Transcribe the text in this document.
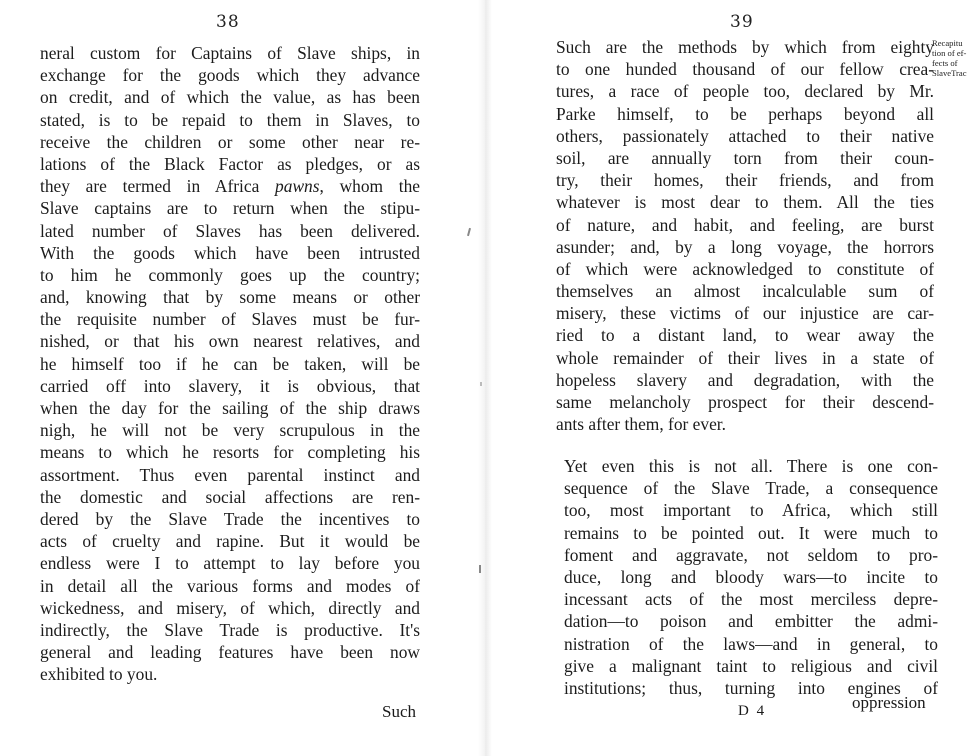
38
neral custom for Captains of Slave ships, in
exchange for the goods which they advance
on credit, and of which the value, as has been
stated, is to be repaid to them in Slaves, to
receive the children or some other near re-
lations of the Black Factor as pledges, or as
they are termed in Africa pawns, whom the
Slave captains are to return when the stipu-
lated number of Slaves has been delivered.
With the goods which have been intrusted
to him he commonly goes up the country;
and, knowing that by some means or other
the requisite number of Slaves must be fur-
nished, or that his own nearest relatives, and
he himself too if he can be taken, will be
carried off into slavery, it is obvious, that
when the day for the sailing of the ship draws
nigh, he will not be very scrupulous in the
means to which he resorts for completing his
assortment. Thus even parental instinct and
the domestic and social affections are ren-
dered by the Slave Trade the incentives to
acts of cruelty and rapine. But it would be
endless were I to attempt to lay before you
in detail all the various forms and modes of
wickedness, and misery, of which, directly and
indirectly, the Slave Trade is productive. It's
general and leading features have been now
exhibited to you.
Such
39
Such are the methods by which from eighty
to one hunded thousand of our fellow crea-
tures, a race of people too, declared by Mr.
Parke himself, to be perhaps beyond all
others, passionately attached to their native
soil, are annually torn from their coun-
try, their homes, their friends, and from
whatever is most dear to them. All the ties
of nature, and habit, and feeling, are burst
asunder; and, by a long voyage, the horrors
of which were acknowledged to constitute of
themselves an almost incalculable sum of
misery, these victims of our injustice are car-
ried to a distant land, to wear away the
whole remainder of their lives in a state of
hopeless slavery and degradation, with the
same melancholy prospect for their descend-
ants after them, for ever.
Yet even this is not all. There is one con-
sequence of the Slave Trade, a consequence
too, most important to Africa, which still
remains to be pointed out. It were much to
foment and aggravate, not seldom to pro-
duce, long and bloody wars—to incite to
incessant acts of the most merciless depre-
dation—to poison and embitter the admi-
nistration of the laws—and in general, to
give a malignant taint to religious and civil
institutions; thus, turning into engines of
Recapitu
tion of ef-
fects of
SlaveTrac
D 4	oppression
